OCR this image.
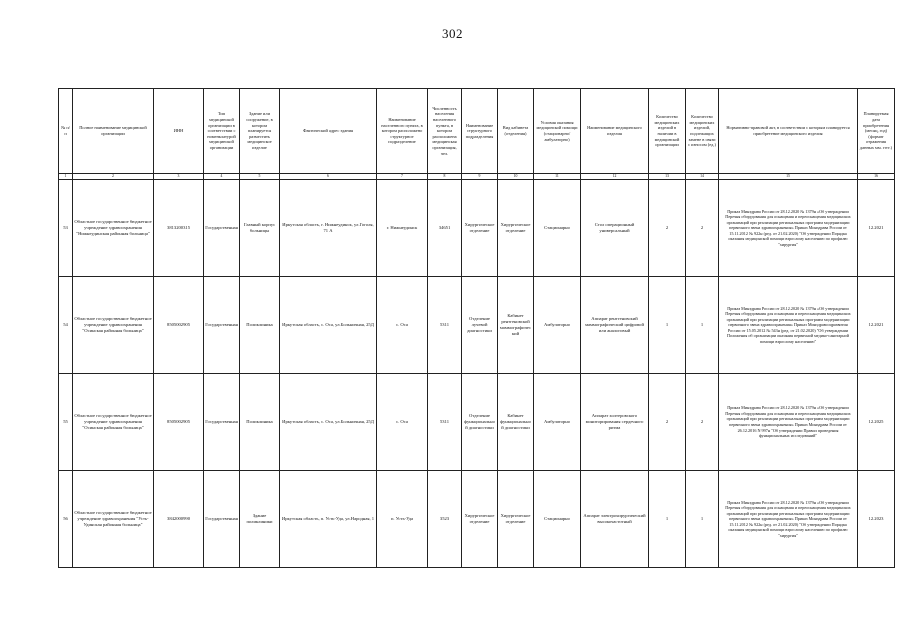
302
№ п/п	Полное наименование медицинской организации	ИНН	Тип медицинской организации в соответствии с номенклатурой медицинской организации	Здание или сооружение, в котором планируется разместить медицинское изделие	Фактический адрес здания	Наименование населенного пункта, в котором расположено структурное подразделение	Численность населения населенного пункта, в котором расположена медицинская организация, чел.	Наименование структурного подразделения	Вид кабинета (отделения)	Условия оказания медицинской помощи (стационарно/амбулаторно)	Наименование медицинского изделия	Количество медицинских изделий в наличии в медицинской организации	Количество медицинских изделий, подлежащих замене в связи с износом (ед.)	Нормативно-правовой акт, в соответствии с которым планируется приобретение медицинского изделия	Планируемая дата приобретения (месяц, год) (формат отражения данных мм. гггг.)
1	2	3	4	5	6	7	8	9	10	11	12	13	14	15	16
53	Областное государственное бюджетное учреждение здравоохранения "Нижнеудинская районная больница"	3813200315	Государственная	Главный корпус больницы	Иркутская область, г. Нижнеудинск, ул.Гоголя, 71 А	г. Нижнеудинск	34651	Хирургическое отделение	Хирургическое отделение	Стационарно	Стол операционный универсальный	2	2	Приказ Минздрава России от 28.12.2020 № 1379н «Об утверждении Перечня оборудования для оснащения и переоснащения медицинских организаций при реализации региональных программ модернизации первичного звена здравоохранения» Приказ Минздрава России от 15.11.2012 № 922н (ред. от 21.02.2020) "Об утверждении Порядка оказания медицинской помощи взрослому населению по профилю "хирургия"	12.2021
54	Областное государственное бюджетное учреждение здравоохранения "Осинская районная больница"	8505002905	Государственная	Поликлиника	Иркутская область, с. Оса, ул.Больничная, 25Д	с. Оса	5311	Отделение лучевой диагностики	Кабинет рентгеновской маммографический	Амбулаторно	Аппарат рентгеновский маммографический цифровой или аналоговый	1	1	Приказ Минздрава России от 28.12.2020 № 1379н «Об утверждении Перечня оборудования для оснащения и переоснащения медицинских организаций при реализации региональных программ модернизации первичного звена здравоохранения» Приказ Минздравсоцразвития России от 15.05.2012 № 543н (ред. от 21.02.2020) "Об утверждении Положения об организации оказания первичной медико-санитарной помощи взрослому населению"	12.2021
55	Областное государственное бюджетное учреждение здравоохранения "Осинская районная больница"	8505002905	Государственная	Поликлиника	Иркутская область, с. Оса, ул.Больничная, 25Д	с. Оса	5311	Отделение функциональной диагностики	Кабинет функциональной диагностики	Амбулаторно	Аппарат холтеровского мониторирования сердечного ритма	2	2	Приказ Минздрава России от 28.12.2020 № 1379н «Об утверждении Перечня оборудования для оснащения и переоснащения медицинских организаций при реализации региональных программ модернизации первичного звена здравоохранения» Приказ Минздрава России от 26.12.2016 N 997н "Об утверждении Правил проведения функциональных исследований"	12.2025
56	Областное государственное бюджетное учреждение здравоохранения "Усть-Удинская районная больница"	3842000990	Государственная	Здание поликлиники	Иркутская область, п. Усть-Уда, ул.Народная, 1	п. Усть-Уда	3523	Хирургическое отделение	Хирургическое отделение	Стационарно	Аппарат электрохирургический высокочастотный	1	1	Приказ Минздрава России от 28.12.2020 № 1379н «Об утверждении Перечня оборудования для оснащения и переоснащения медицинских организаций при реализации региональных программ модернизации первичного звена здравоохранения» Приказ Минздрава России от 15.11.2012 № 922н (ред. от 21.02.2020) "Об утверждении Порядка оказания медицинской помощи взрослому населению по профилю "хирургия"	12.2023
